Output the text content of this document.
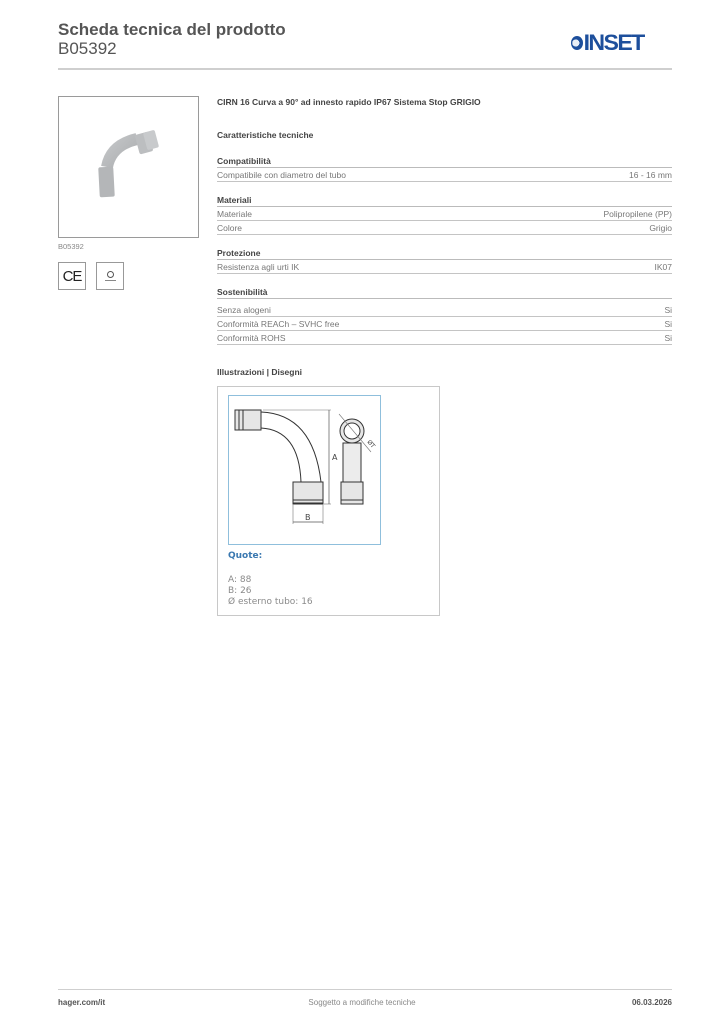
Scheda tecnica del prodotto
B05392	INSET
B05392
CE
CIRN 16 Curva a 90° ad innesto rapido IP67 Sistema Stop GRIGIO
Caratteristiche tecniche
Compatibilità
Compatibile con diametro del tubo	16 - 16 mm
Materiali
Materiale	Polipropilene (PP)
Colore	Grigio
Protezione
Resistenza agli urti IK	IK07
Sostenibilità
Senza alogeni	Si
Conformità REACh – SVHC free	Si
Conformità ROHS	Si
Illustrazioni | Disegni
A
B
ØT
Quote:
A: 88
B: 26
Ø esterno tubo: 16
hager.com/it	Soggetto a modifiche tecniche	06.03.2026
